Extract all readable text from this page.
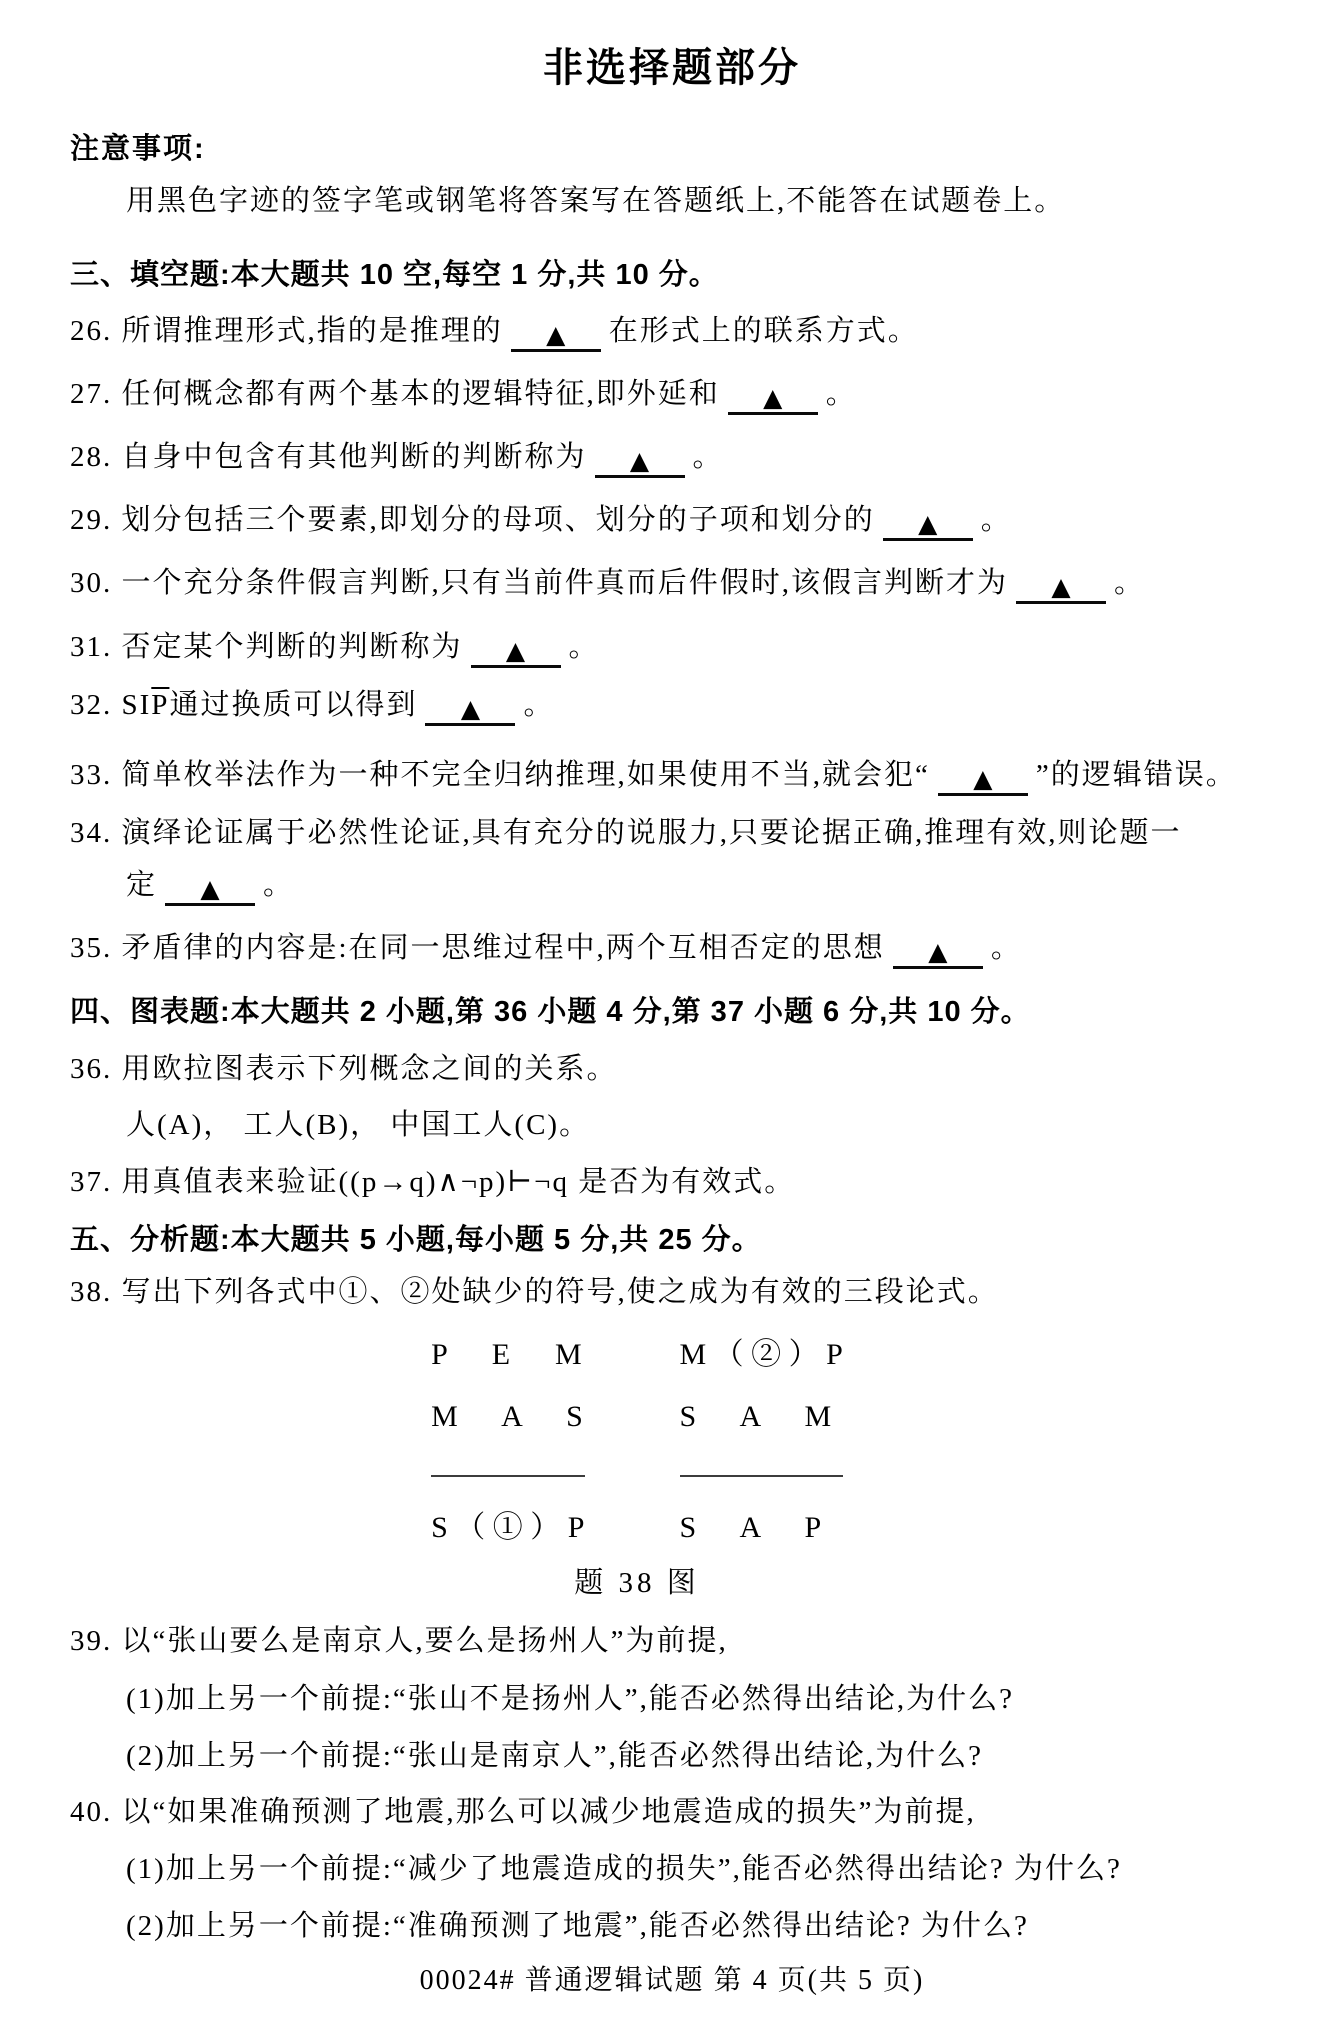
非选择题部分

注意事项:

用黑色字迹的签字笔或钢笔将答案写在答题纸上,不能答在试题卷上。

三、填空题:本大题共 10 空,每空 1 分,共 10 分。

26. 所谓推理形式,指的是推理的 ▲ 在形式上的联系方式。

27. 任何概念都有两个基本的逻辑特征,即外延和 ▲ 。

28. 自身中包含有其他判断的判断称为 ▲ 。

29. 划分包括三个要素,即划分的母项、划分的子项和划分的 ▲ 。

30. 一个充分条件假言判断,只有当前件真而后件假时,该假言判断才为 ▲ 。

31. 否定某个判断的判断称为 ▲ 。

32. $SI\overline{P}$通过换质可以得到 ▲ 。

33. 简单枚举法作为一种不完全归纳推理,如果使用不当,就会犯“ ▲ ”的逻辑错误。

34. 演绎论证属于必然性论证,具有充分的说服力,只要论据正确,推理有效,则论题一

定 ▲ 。

35. 矛盾律的内容是:在同一思维过程中,两个互相否定的思想 ▲ 。

四、图表题:本大题共 2 小题,第 36 小题 4 分,第 37 小题 6 分,共 10 分。

36. 用欧拉图表示下列概念之间的关系。

人(A)， 工人(B)， 中国工人(C)。

37. 用真值表来验证((p→q)∧¬p)⊢¬q 是否为有效式。

五、分析题:本大题共 5 小题,每小题 5 分,共 25 分。

38. 写出下列各式中①、②处缺少的符号,使之成为有效的三段论式。

P      E      M
M      A      S
S （ ① ） P
M （ ② ） P
S      A      M
S      A      P

题 38 图

39. 以“张山要么是南京人,要么是扬州人”为前提,

(1)加上另一个前提:“张山不是扬州人”,能否必然得出结论,为什么?

(2)加上另一个前提:“张山是南京人”,能否必然得出结论,为什么?

40. 以“如果准确预测了地震,那么可以减少地震造成的损失”为前提,

(1)加上另一个前提:“减少了地震造成的损失”,能否必然得出结论? 为什么?

(2)加上另一个前提:“准确预测了地震”,能否必然得出结论? 为什么?

00024# 普通逻辑试题 第 4 页(共 5 页)
